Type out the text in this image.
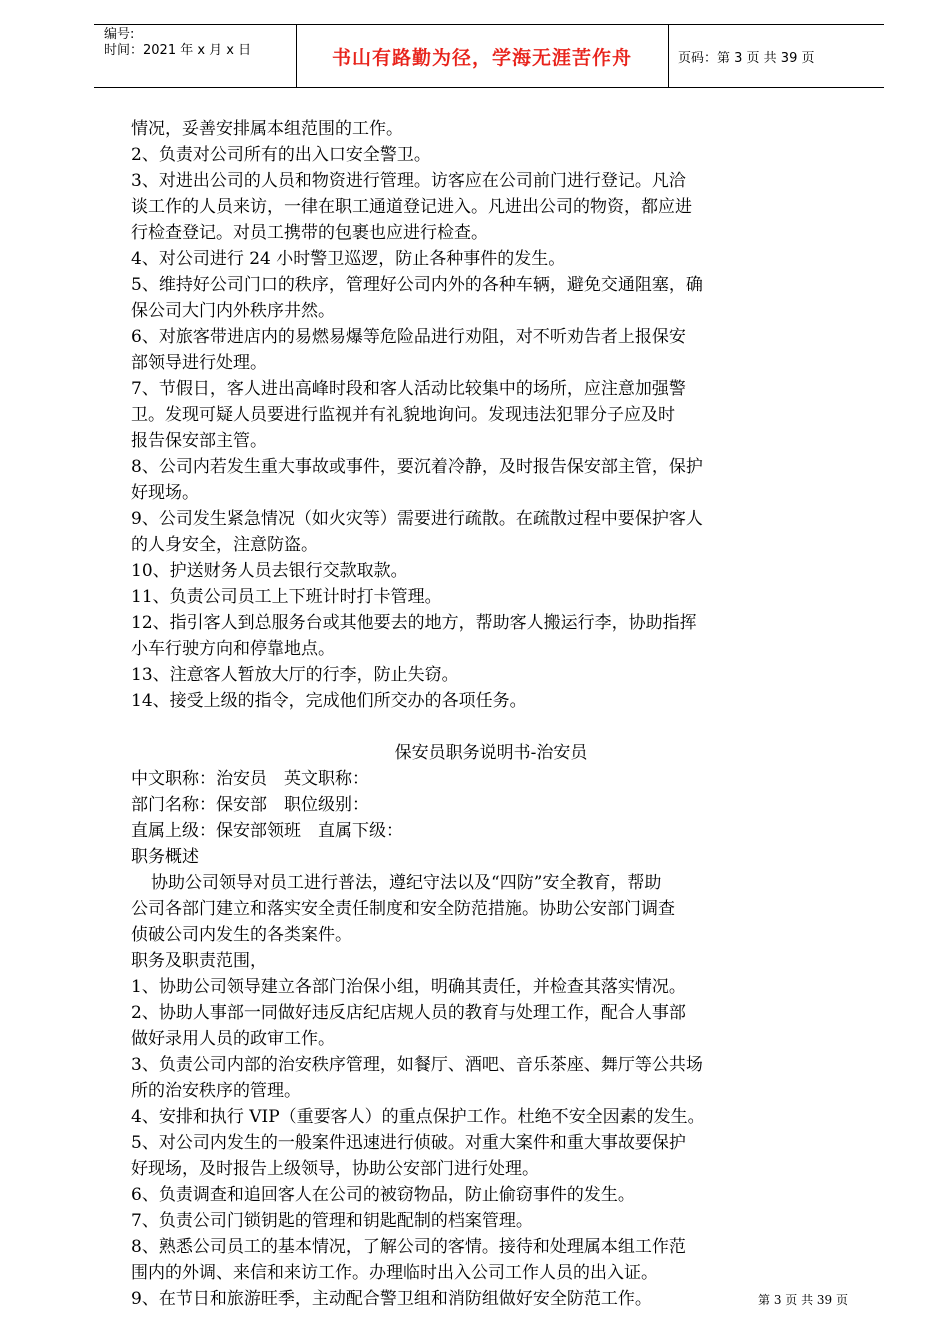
编号:
时间：2021 年 x 月 x 日	书山有路勤为径，学海无涯苦作舟	页码：第 3 页 共 39 页

情况，妥善安排属本组范围的工作。

2、负责对公司所有的出入口安全警卫。

3、对进出公司的人员和物资进行管理。访客应在公司前门进行登记。凡洽

谈工作的人员来访，一律在职工通道登记进入。凡进出公司的物资，都应进

行检查登记。对员工携带的包裹也应进行检查。

4、对公司进行 24 小时警卫巡逻，防止各种事件的发生。

5、维持好公司门口的秩序，管理好公司内外的各种车辆，避免交通阻塞，确

保公司大门内外秩序井然。

6、对旅客带进店内的易燃易爆等危险品进行劝阻，对不听劝告者上报保安

部领导进行处理。

7、节假日，客人进出高峰时段和客人活动比较集中的场所，应注意加强警

卫。发现可疑人员要进行监视并有礼貌地询问。发现违法犯罪分子应及时

报告保安部主管。

8、公司内若发生重大事故或事件，要沉着冷静，及时报告保安部主管，保护

好现场。

9、公司发生紧急情况（如火灾等）需要进行疏散。在疏散过程中要保护客人

的人身安全，注意防盗。

10、护送财务人员去银行交款取款。

11、负责公司员工上下班计时打卡管理。

12、指引客人到总服务台或其他要去的地方，帮助客人搬运行李，协助指挥

小车行驶方向和停靠地点。

13、注意客人暂放大厅的行李，防止失窃。

14、接受上级的指令，完成他们所交办的各项任务。

保安员职务说明书-治安员

中文职称：治安员　英文职称：

部门名称：保安部　职位级别：

直属上级：保安部领班　直属下级：

职务概述

协助公司领导对员工进行普法，遵纪守法以及“四防”安全教育，帮助

公司各部门建立和落实安全责任制度和安全防范措施。协助公安部门调查

侦破公司内发生的各类案件。

职务及职责范围，

1、协助公司领导建立各部门治保小组，明确其责任，并检查其落实情况。

2、协助人事部一同做好违反店纪店规人员的教育与处理工作，配合人事部

做好录用人员的政审工作。

3、负责公司内部的治安秩序管理，如餐厅、酒吧、音乐茶座、舞厅等公共场

所的治安秩序的管理。

4、安排和执行 VIP（重要客人）的重点保护工作。杜绝不安全因素的发生。

5、对公司内发生的一般案件迅速进行侦破。对重大案件和重大事故要保护

好现场，及时报告上级领导，协助公安部门进行处理。

6、负责调查和追回客人在公司的被窃物品，防止偷窃事件的发生。

7、负责公司门锁钥匙的管理和钥匙配制的档案管理。

8、熟悉公司员工的基本情况，了解公司的客情。接待和处理属本组工作范

围内的外调、来信和来访工作。办理临时出入公司工作人员的出入证。

9、在节日和旅游旺季，主动配合警卫组和消防组做好安全防范工作。	第 3 页 共 39 页
